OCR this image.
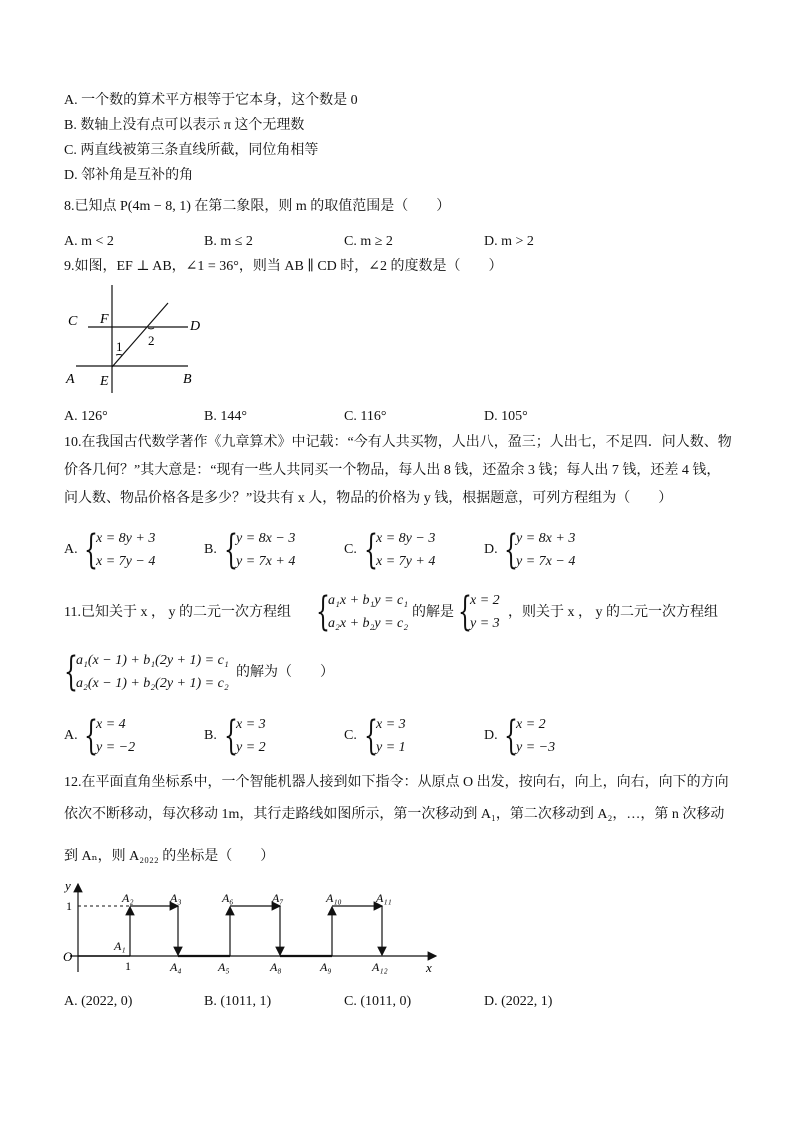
A. 一个数的算术平方根等于它本身，这个数是 0
B. 数轴上没有点可以表示 π 这个无理数
C. 两直线被第三条直线所截，同位角相等
D. 邻补角是互补的角
8.已知点 P(4m − 8, 1) 在第二象限，则 m 的取值范围是（　　）
A. m < 2	B. m ≤ 2	C. m ≥ 2	D. m > 2
9.如图，EF ⊥ AB，∠1 = 36°，则当 AB ∥ CD 时，∠2 的度数是（　　）
C F	D
1 2
A E	B
A. 126°	B. 144°	C. 116°	D. 105°
10.在我国古代数学著作《九章算术》中记载：“今有人共买物，人出八，盈三；人出七，不足四．问人数、物
价各几何？”其大意是：“现有一些人共同买一个物品，每人出 8 钱，还盈余 3 钱；每人出 7 钱，还差 4 钱，
问人数、物品价格各是多少？”设共有 x 人，物品的价格为 y 钱，根据题意，可列方程组为（　　）
A. {
x = 8y + 3
x = 7y − 4
B. {
y = 8x − 3
y = 7x + 4
C. {
x = 8y − 3
x = 7y + 4
D. {
y = 8x + 3
y = 7x − 4
11.已知关于 x ， y 的二元一次方程组 {
a₁x + b₁y = c₁
a₂x + b₂y = c₂
的解是 {
x = 2
y = 3
，则关于 x ， y 的二元一次方程组
{
a₁(x − 1) + b₁(2y + 1) = c₁
a₂(x − 1) + b₂(2y + 1) = c₂
的解为（　　）
A. {
x = 4
y = −2
B. {
x = 3
y = 2
C. {
x = 3
y = 1
D. {
x = 2
y = −3
12.在平面直角坐标系中，一个智能机器人接到如下指令：从原点 O 出发，按向右，向上，向右，向下的方向
依次不断移动，每次移动 1m，其行走路线如图所示，第一次移动到 A₁，第二次移动到 A₂，…，第 n 次移动
到 Aₙ，则 A₂₀₂₂ 的坐标是（　　）
y
x
O
1
1
A₁
A₂	A₃
A₄	A₅
A₆	A₇
A₈	A₉
A₁₀	A₁₁
A₁₂
A. (2022, 0)	B. (1011, 1)	C. (1011, 0)	D. (2022, 1)
